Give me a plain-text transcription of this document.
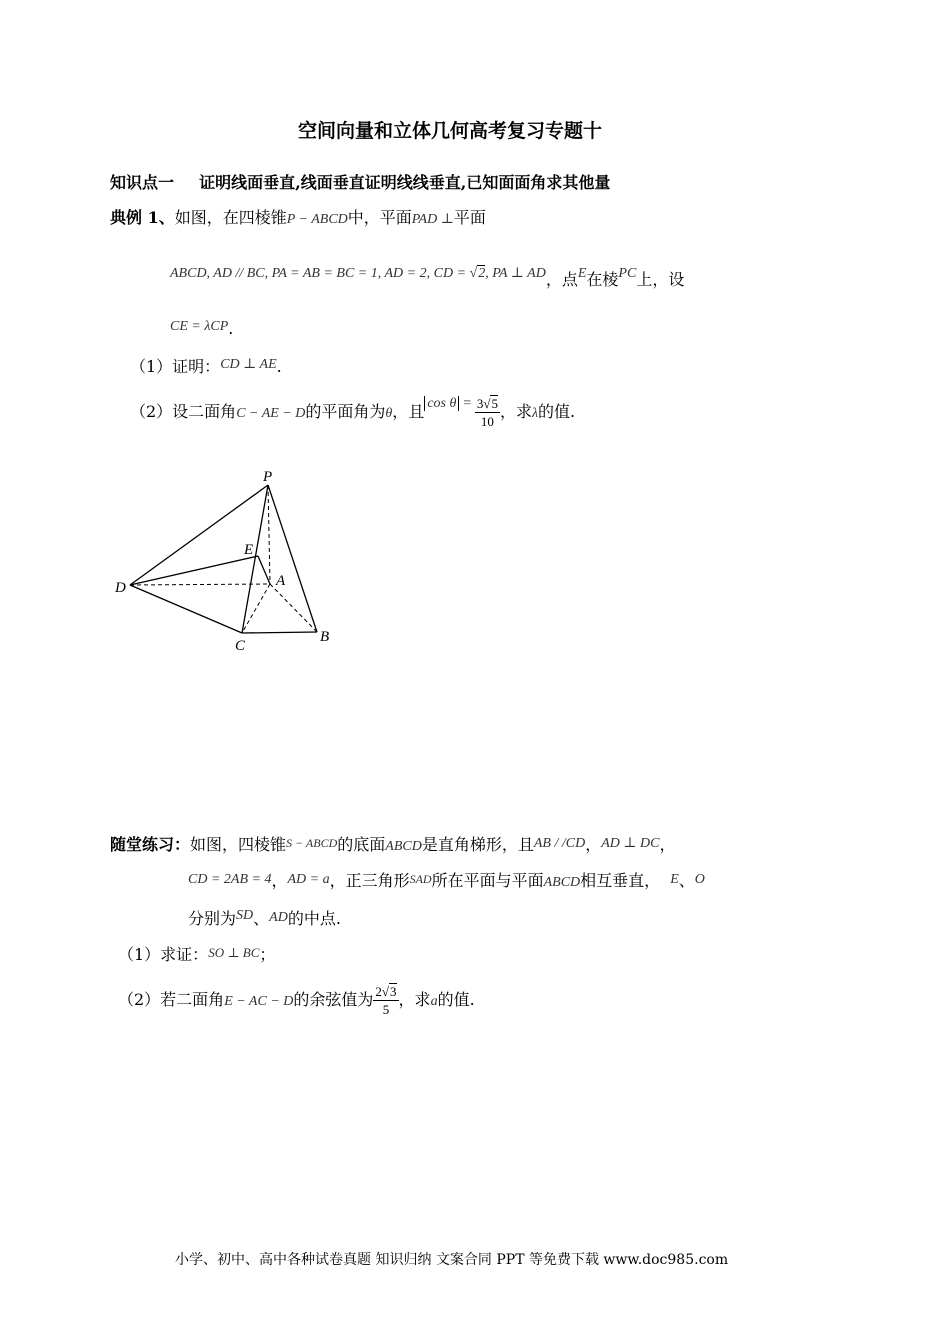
空间向量和立体几何高考复习专题十
知识点一 证明线面垂直,线面垂直证明线线垂直,已知面面角求其他量
典例 1、如图，在四棱锥P − ABCD中，平面PAD ⊥平面
ABCD, AD // BC, PA = AB = BC = 1, AD = 2, CD = √2, PA ⊥ AD，点E在棱PC上，设
CE = λCP.
（1）证明：CD ⊥ AE.
（2）设二面角C − AE − D的平面角为θ，且 $\cos \theta = \frac{3√5}{10}$ ，求λ的值.
P
E
A
D
C
B
随堂练习：如图，四棱锥S − ABCD的底面ABCD是直角梯形，且AB / /CD，AD ⊥ DC，
CD = 2AB = 4，AD = a，正三角形SAD所在平面与平面ABCD相互垂直， E、O
分别为SD、AD的中点.
（1）求证：SO ⊥ BC；
（2）若二面角E − AC − D的余弦值为 $\frac{2√3}{5}$ ，求a的值.
小学、初中、高中各种试卷真题 知识归纳 文案合同 PPT 等免费下载 www.doc985.com
